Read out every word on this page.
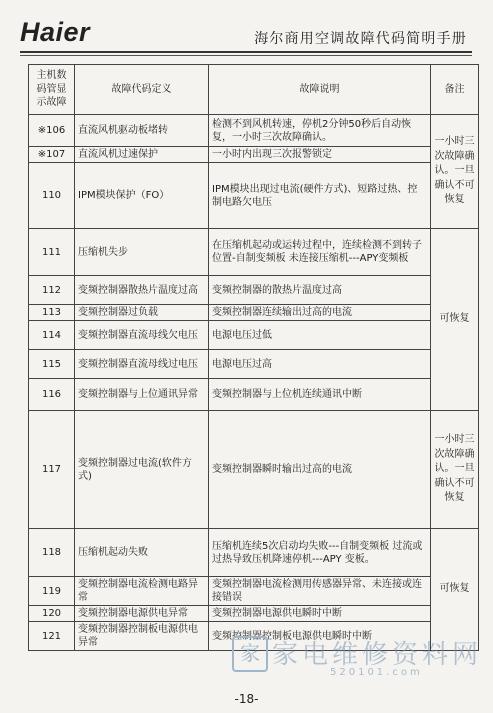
Haier	海尔商用空调故障代码简明手册
主机数码管显示故障	故障代码定义	故障说明	备注
※106	直流风机驱动板堵转	检测不到风机转速，停机2分钟50秒后自动恢复，一小时三次故障确认。	一小时三次故障确认。一旦确认不可恢复
※107	直流风机过速保护	一小时内出现三次报警锁定	
110	IPM模块保护（FO）	IPM模块出现过电流(硬件方式)、短路过热、控制电路欠电压	
111	压缩机失步	在压缩机起动或运转过程中，连续检测不到转子位置-自制变频板 未连接压缩机---APY变频板	可恢复
112	变频控制器散热片温度过高	变频控制器的散热片温度过高	
113	变频控制器过负载	变频控制器连续输出过高的电流	
114	变频控制器直流母线欠电压	电源电压过低	
115	变频控制器直流母线过电压	电源电压过高	
116	变频控制器与上位通讯异常	变频控制器与上位机连续通讯中断	
117	变频控制器过电流(软件方式)	变频控制器瞬时输出过高的电流	一小时三次故障确认。一旦确认不可恢复
118	压缩机起动失败	压缩机连续5次启动均失败---自制变频板 过流或过热导致压机降速停机---APY 变板。	可恢复
119	变频控制器电流检测电路异常	变频控制器电流检测用传感器异常、未连接或连接错误	
120	变频控制器电源供电异常	变频控制器电源供电瞬时中断	
121	变频控制器控制板电源供电异常	变频控制器控制板电源供电瞬时中断	
家 家电维修资料网
520101.com
-18-
